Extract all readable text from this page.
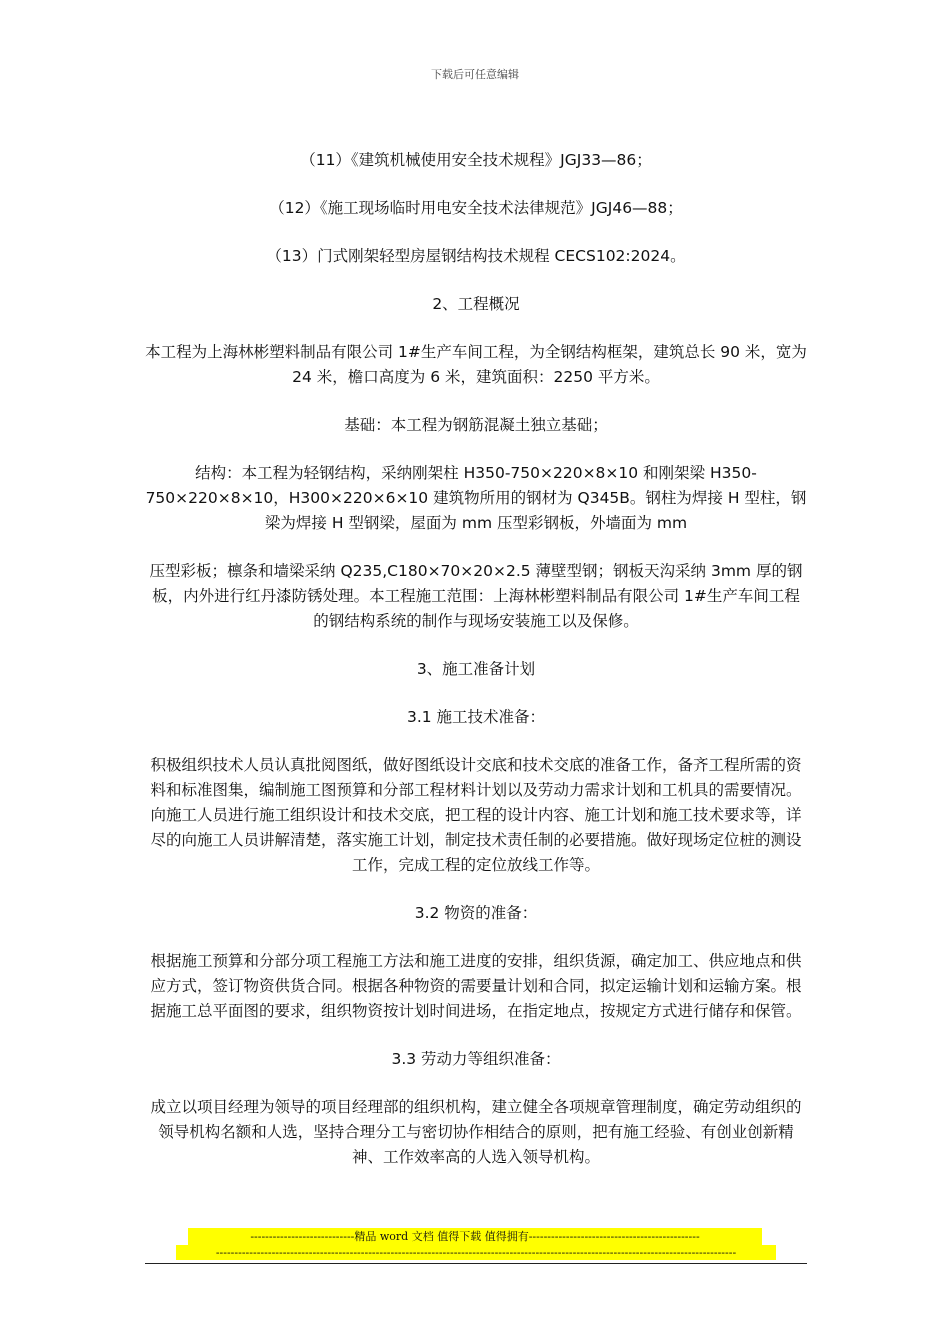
下载后可任意编辑

（11）《建筑机械使用安全技术规程》JGJ33—86；

（12）《施工现场临时用电安全技术法律规范》JGJ46—88；

（13）门式刚架轻型房屋钢结构技术规程 CECS102:2024。

2、工程概况

本工程为上海林彬塑料制品有限公司 1#生产车间工程，为全钢结构框架，建筑总长 90 米，宽为 24 米，檐口高度为 6 米，建筑面积：2250 平方米。

基础：本工程为钢筋混凝土独立基础；

结构：本工程为轻钢结构，采纳刚架柱 H350-750×220×8×10 和刚架梁 H350-750×220×8×10，H300×220×6×10 建筑物所用的钢材为 Q345B。钢柱为焊接 H 型柱，钢梁为焊接 H 型钢梁，屋面为 mm 压型彩钢板，外墙面为 mm

压型彩板；檩条和墙梁采纳 Q235,C180×70×20×2.5 薄壁型钢；钢板天沟采纳 3mm 厚的钢板，内外进行红丹漆防锈处理。本工程施工范围：上海林彬塑料制品有限公司 1#生产车间工程的钢结构系统的制作与现场安装施工以及保修。

3、施工准备计划

3.1 施工技术准备：

积极组织技术人员认真批阅图纸，做好图纸设计交底和技术交底的准备工作，备齐工程所需的资料和标准图集，编制施工图预算和分部工程材料计划以及劳动力需求计划和工机具的需要情况。向施工人员进行施工组织设计和技术交底，把工程的设计内容、施工计划和施工技术要求等，详尽的向施工人员讲解清楚，落实施工计划，制定技术责任制的必要措施。做好现场定位桩的测设工作，完成工程的定位放线工作等。

3.2 物资的准备：

根据施工预算和分部分项工程施工方法和施工进度的安排，组织货源，确定加工、供应地点和供应方式，签订物资供货合同。根据各种物资的需要量计划和合同，拟定运输计划和运输方案。根据施工总平面图的要求，组织物资按计划时间进场，在指定地点，按规定方式进行储存和保管。

3.3 劳动力等组织准备：

成立以项目经理为领导的项目经理部的组织机构，建立健全各项规章管理制度，确定劳动组织的领导机构名额和人选，坚持合理分工与密切协作相结合的原则，把有施工经验、有创业创新精神、工作效率高的人选入领导机构。

----------------------------精品 word 文档 值得下载 值得拥有----------------------------------------------
--------------------------------------------------------------------------------------------------------------------------------------------
